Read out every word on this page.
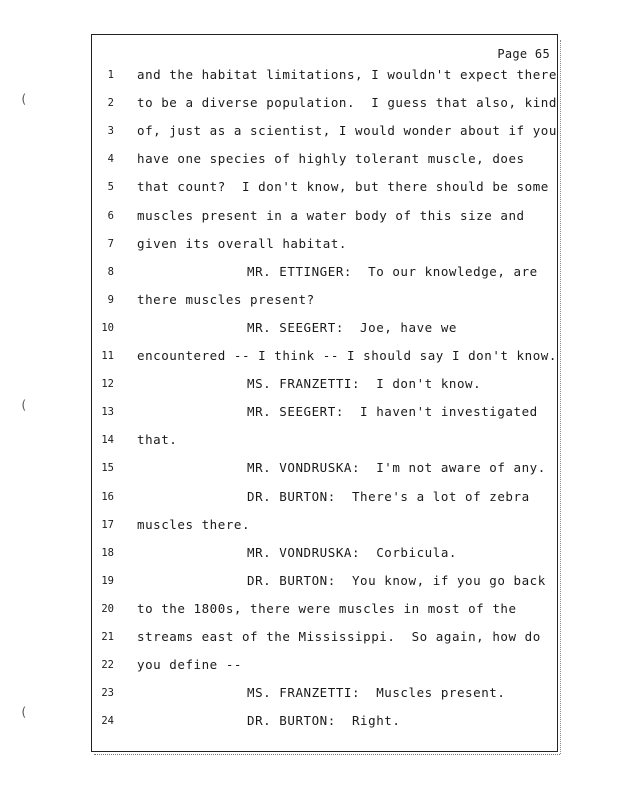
Page 65
(
(
(
1 and the habitat limitations, I wouldn't expect there
2 to be a diverse population.  I guess that also, kind
3 of, just as a scientist, I would wonder about if you
4 have one species of highly tolerant muscle, does
5 that count?  I don't know, but there should be some
6 muscles present in a water body of this size and
7 given its overall habitat.
8	MR. ETTINGER:  To our knowledge, are
9 there muscles present?
10	MR. SEEGERT:  Joe, have we
11 encountered -- I think -- I should say I don't know.
12	MS. FRANZETTI:  I don't know.
13	MR. SEEGERT:  I haven't investigated
14 that.
15	MR. VONDRUSKA:  I'm not aware of any.
16	DR. BURTON:  There's a lot of zebra
17 muscles there.
18	MR. VONDRUSKA:  Corbicula.
19	DR. BURTON:  You know, if you go back
20 to the 1800s, there were muscles in most of the
21 streams east of the Mississippi.  So again, how do
22 you define --
23	MS. FRANZETTI:  Muscles present.
24	DR. BURTON:  Right.
